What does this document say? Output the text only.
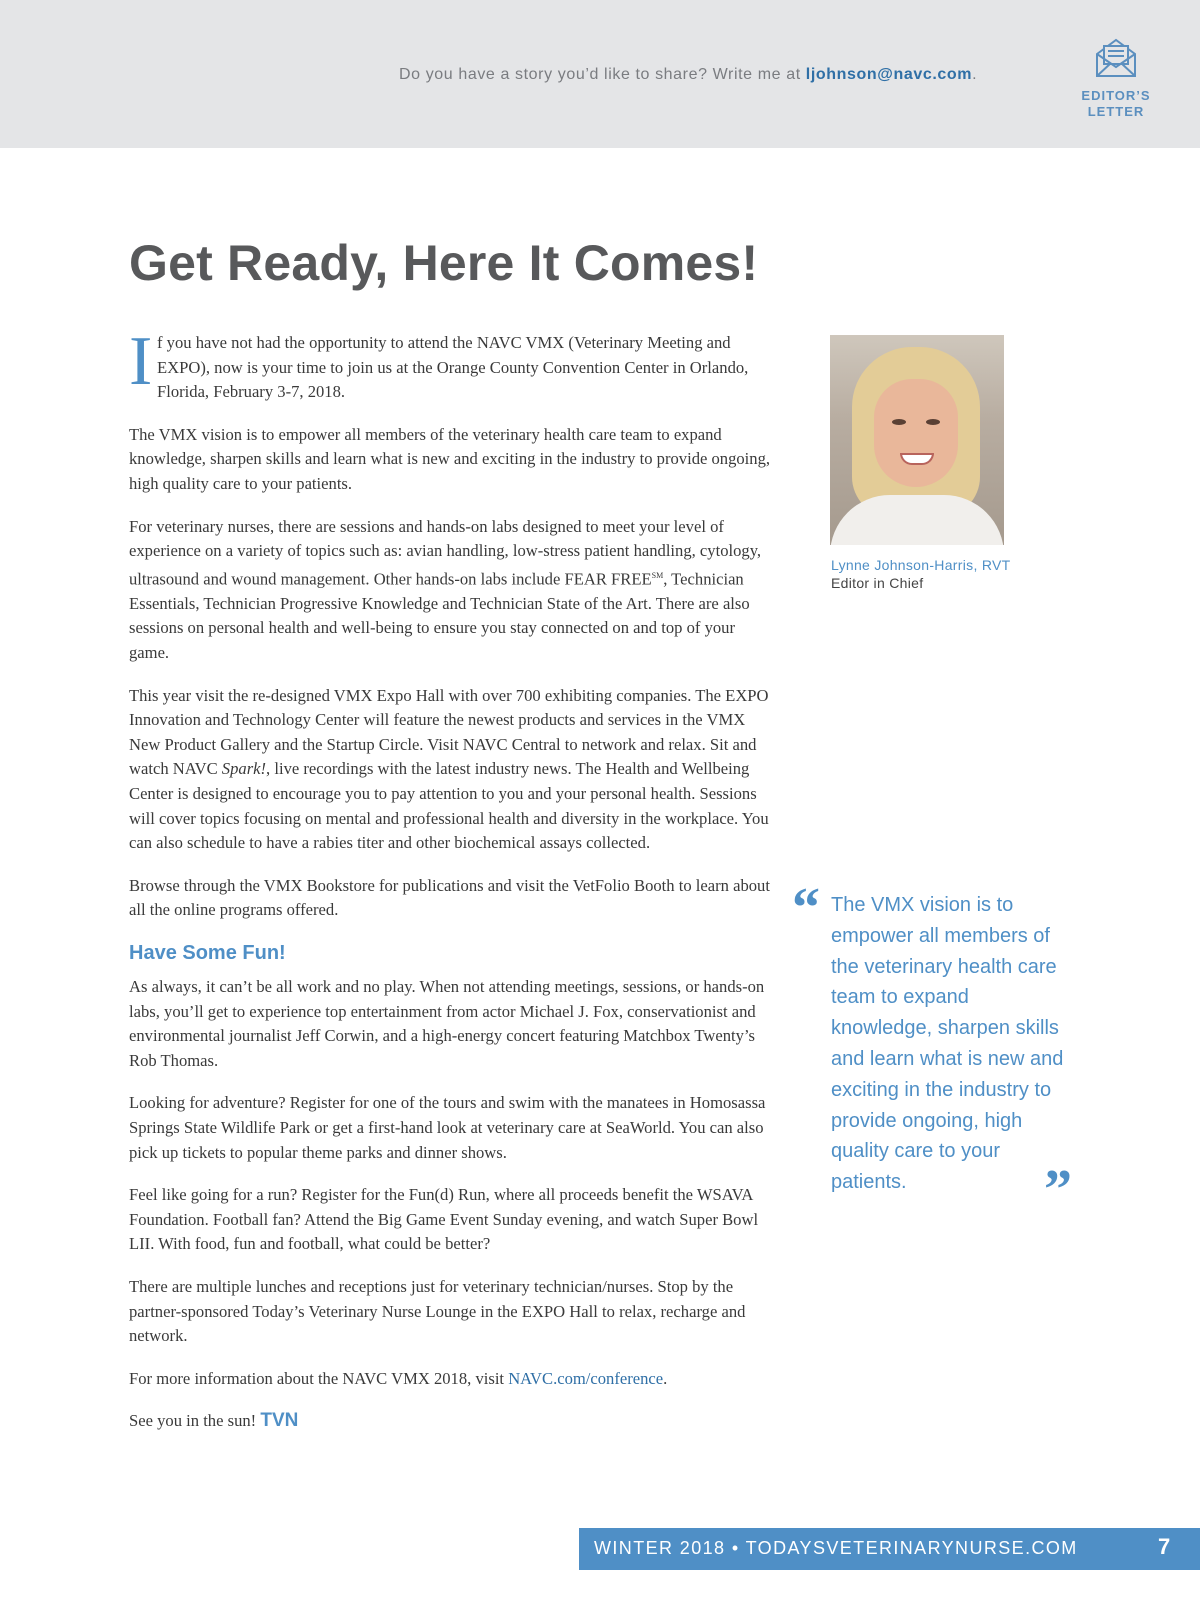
Do you have a story you’d like to share? Write me at ljohnson@navc.com.
EDITOR’S LETTER
Get Ready, Here It Comes!

I f you have not had the opportunity to attend the NAVC VMX (Veterinary Meeting and EXPO), now is your time to join us at the Orange County Convention Center in Orlando, Florida, February 3-7, 2018.

The VMX vision is to empower all members of the veterinary health care team to expand knowledge, sharpen skills and learn what is new and exciting in the industry to provide ongoing, high quality care to your patients.

For veterinary nurses, there are sessions and hands-on labs designed to meet your level of experience on a variety of topics such as: avian handling, low-stress patient handling, cytology, ultrasound and wound management. Other hands-on labs include FEAR FREE℠, Technician Essentials, Technician Progressive Knowledge and Technician State of the Art. There are also sessions on personal health and well-being to ensure you stay connected on and top of your game.

This year visit the re-designed VMX Expo Hall with over 700 exhibiting companies. The EXPO Innovation and Technology Center will feature the newest products and services in the VMX New Product Gallery and the Startup Circle. Visit NAVC Central to network and relax. Sit and watch NAVC Spark!, live recordings with the latest industry news. The Health and Wellbeing Center is designed to encourage you to pay attention to you and your personal health. Sessions will cover topics focusing on mental and professional health and diversity in the workplace. You can also schedule to have a rabies titer and other biochemical assays collected.

Browse through the VMX Bookstore for publications and visit the VetFolio Booth to learn about all the online programs offered.

Have Some Fun!

As always, it can’t be all work and no play. When not attending meetings, sessions, or hands-on labs, you’ll get to experience top entertainment from actor Michael J. Fox, conservationist and environmental journalist Jeff Corwin, and a high-energy concert featuring Matchbox Twenty’s Rob Thomas.

Looking for adventure? Register for one of the tours and swim with the manatees in Homosassa Springs State Wildlife Park or get a first-hand look at veterinary care at SeaWorld. You can also pick up tickets to popular theme parks and dinner shows.

Feel like going for a run? Register for the Fun(d) Run, where all proceeds benefit the WSAVA Foundation. Football fan? Attend the Big Game Event Sunday evening, and watch Super Bowl LII. With food, fun and football, what could be better?

There are multiple lunches and receptions just for veterinary technician/nurses. Stop by the partner-sponsored Today’s Veterinary Nurse Lounge in the EXPO Hall to relax, recharge and network.

For more information about the NAVC VMX 2018, visit NAVC.com/conference.

See you in the sun! TVN

Lynne Johnson-Harris, RVT
Editor in Chief
“ The VMX vision is to empower all members of the veterinary health care team to expand knowledge, sharpen skills and learn what is new and exciting in the industry to provide ongoing, high quality care to your patients.	”
WINTER 2018 • TODAYSVETERINARYNURSE.COM	7
